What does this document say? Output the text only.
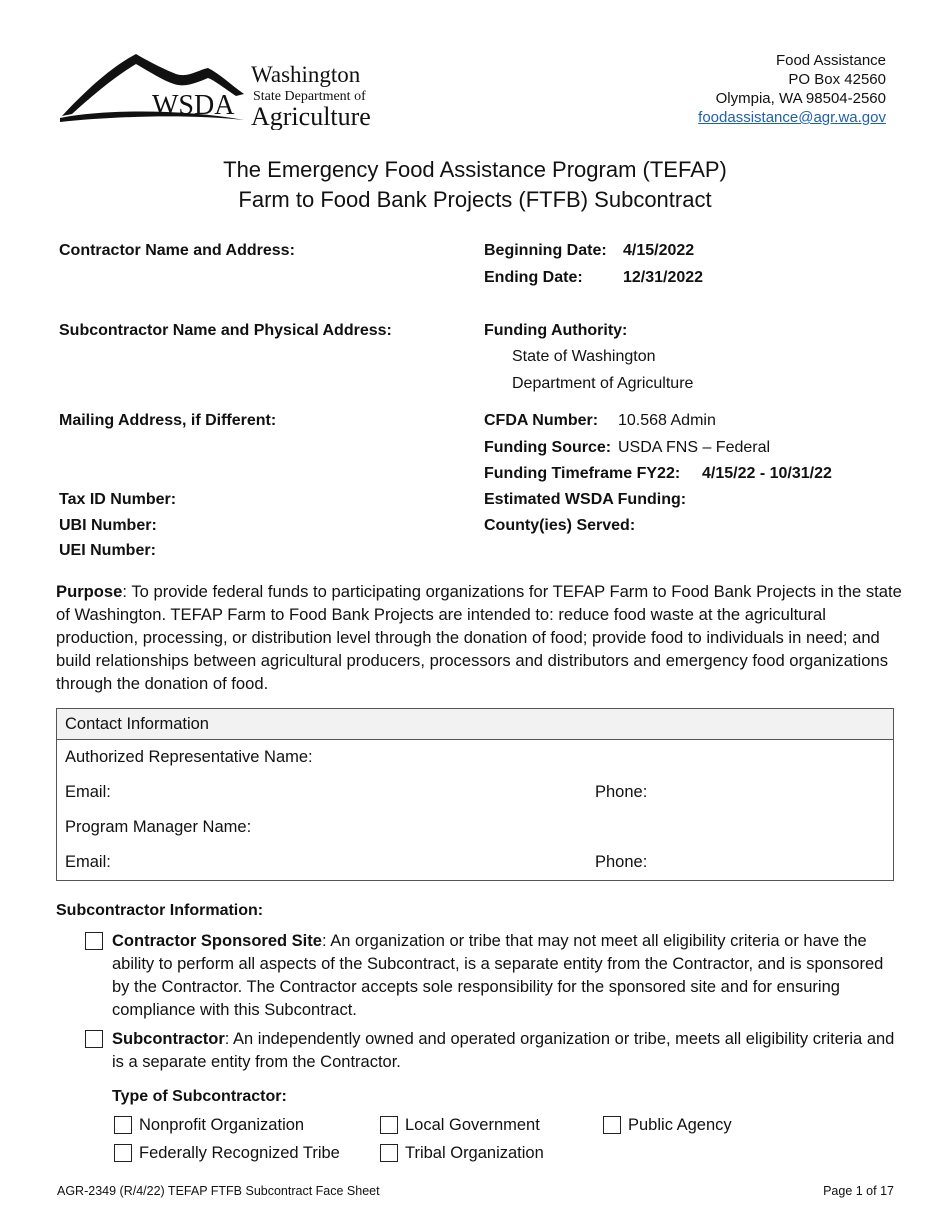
WSDA
Washington
State Department of
Agriculture
Food Assistance
PO Box 42560
Olympia, WA 98504-2560
foodassistance@agr.wa.gov
The Emergency Food Assistance Program (TEFAP)
Farm to Food Bank Projects (FTFB) Subcontract
Contractor Name and Address:
Subcontractor Name and Physical Address:
Mailing Address, if Different:
Tax ID Number:
UBI Number:
UEI Number:
Beginning Date: 4/15/2022
Ending Date:	12/31/2022
Funding Authority:
State of Washington
Department of Agriculture
CFDA Number: 10.568 Admin
Funding Source: USDA FNS – Federal
Funding Timeframe FY22: 4/15/22 - 10/31/22
Estimated WSDA Funding:
County(ies) Served:
Purpose: To provide federal funds to participating organizations for TEFAP Farm to Food Bank Projects in the state of Washington. TEFAP Farm to Food Bank Projects are intended to: reduce food waste at the agricultural production, processing, or distribution level through the donation of food; provide food to individuals in need; and build relationships between agricultural producers, processors and distributors and emergency food organizations through the donation of food.
Contact Information
Authorized Representative Name:
Email:	Phone:
Program Manager Name:
Email:	Phone:
Subcontractor Information:
Contractor Sponsored Site: An organization or tribe that may not meet all eligibility criteria or have the ability to perform all aspects of the Subcontract, is a separate entity from the Contractor, and is sponsored by the Contractor. The Contractor accepts sole responsibility for the sponsored site and for ensuring compliance with this Subcontract.
Subcontractor: An independently owned and operated organization or tribe, meets all eligibility criteria and is a separate entity from the Contractor.
Type of Subcontractor:
Nonprofit Organization	Local Government	Public Agency
Federally Recognized Tribe	Tribal Organization
AGR-2349 (R/4/22) TEFAP FTFB Subcontract Face Sheet	Page 1 of 17
